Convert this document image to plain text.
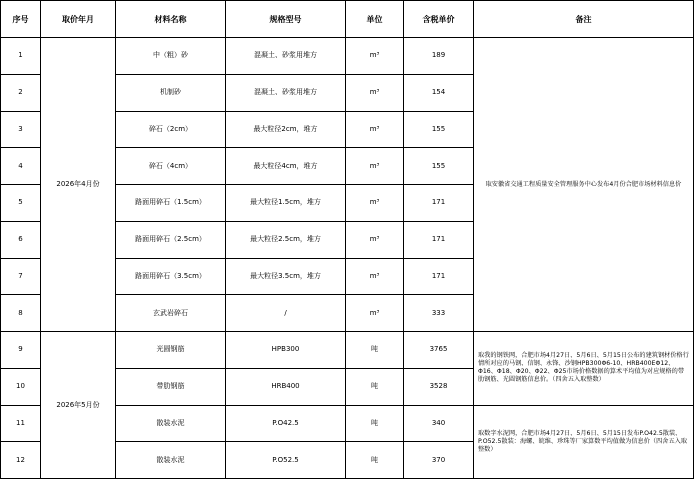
序号	取价年月	材料名称	规格型号	单位	含税单价	备注
1	2026年4月份	中（粗）砂	混凝土、砂浆用堆方	m³	189	取安徽省交通工程质量安全管理服务中心发布4月份合肥市场材料信息价
2		机制砂	混凝土、砂浆用堆方	m³	154	
3		碎石（2cm）	最大粒径2cm，堆方	m³	155	
4		碎石（4cm）	最大粒径4cm，堆方	m³	155	
5		路面用碎石（1.5cm）	最大粒径1.5cm，堆方	m³	171	
6		路面用碎石（2.5cm）	最大粒径2.5cm，堆方	m³	171	
7		路面用碎石（3.5cm）	最大粒径3.5cm，堆方	m³	171	
8		玄武岩碎石	/	m³	333	
9	2026年5月份	光圆钢筋	HPB300	吨	3765	取我的钢铁网，合肥市场4月27日、5月6日、5月15日公布的建筑钢材价格行情所对应的马钢、信钢、永锋、沙钢HPB300Φ6-10、HRB400EΦ12、Φ16、Φ18、Φ20、Φ22、Φ25市场价格数据的算术平均值为对应规格的带肋钢筋、光圆钢筋信息价。（四舍五入取整数）
10		带肋钢筋	HRB400	吨	3528	
11		散装水泥	P.O42.5	吨	340	取数字水泥网，合肥市场4月27日、5月6日、5月15日发布P.O42.5散装、P.O52.5散装：海螺、皖维、珍珠等厂家算数平均值做为信息价（四舍五入取整数）
12		散装水泥	P.O52.5	吨	370	
